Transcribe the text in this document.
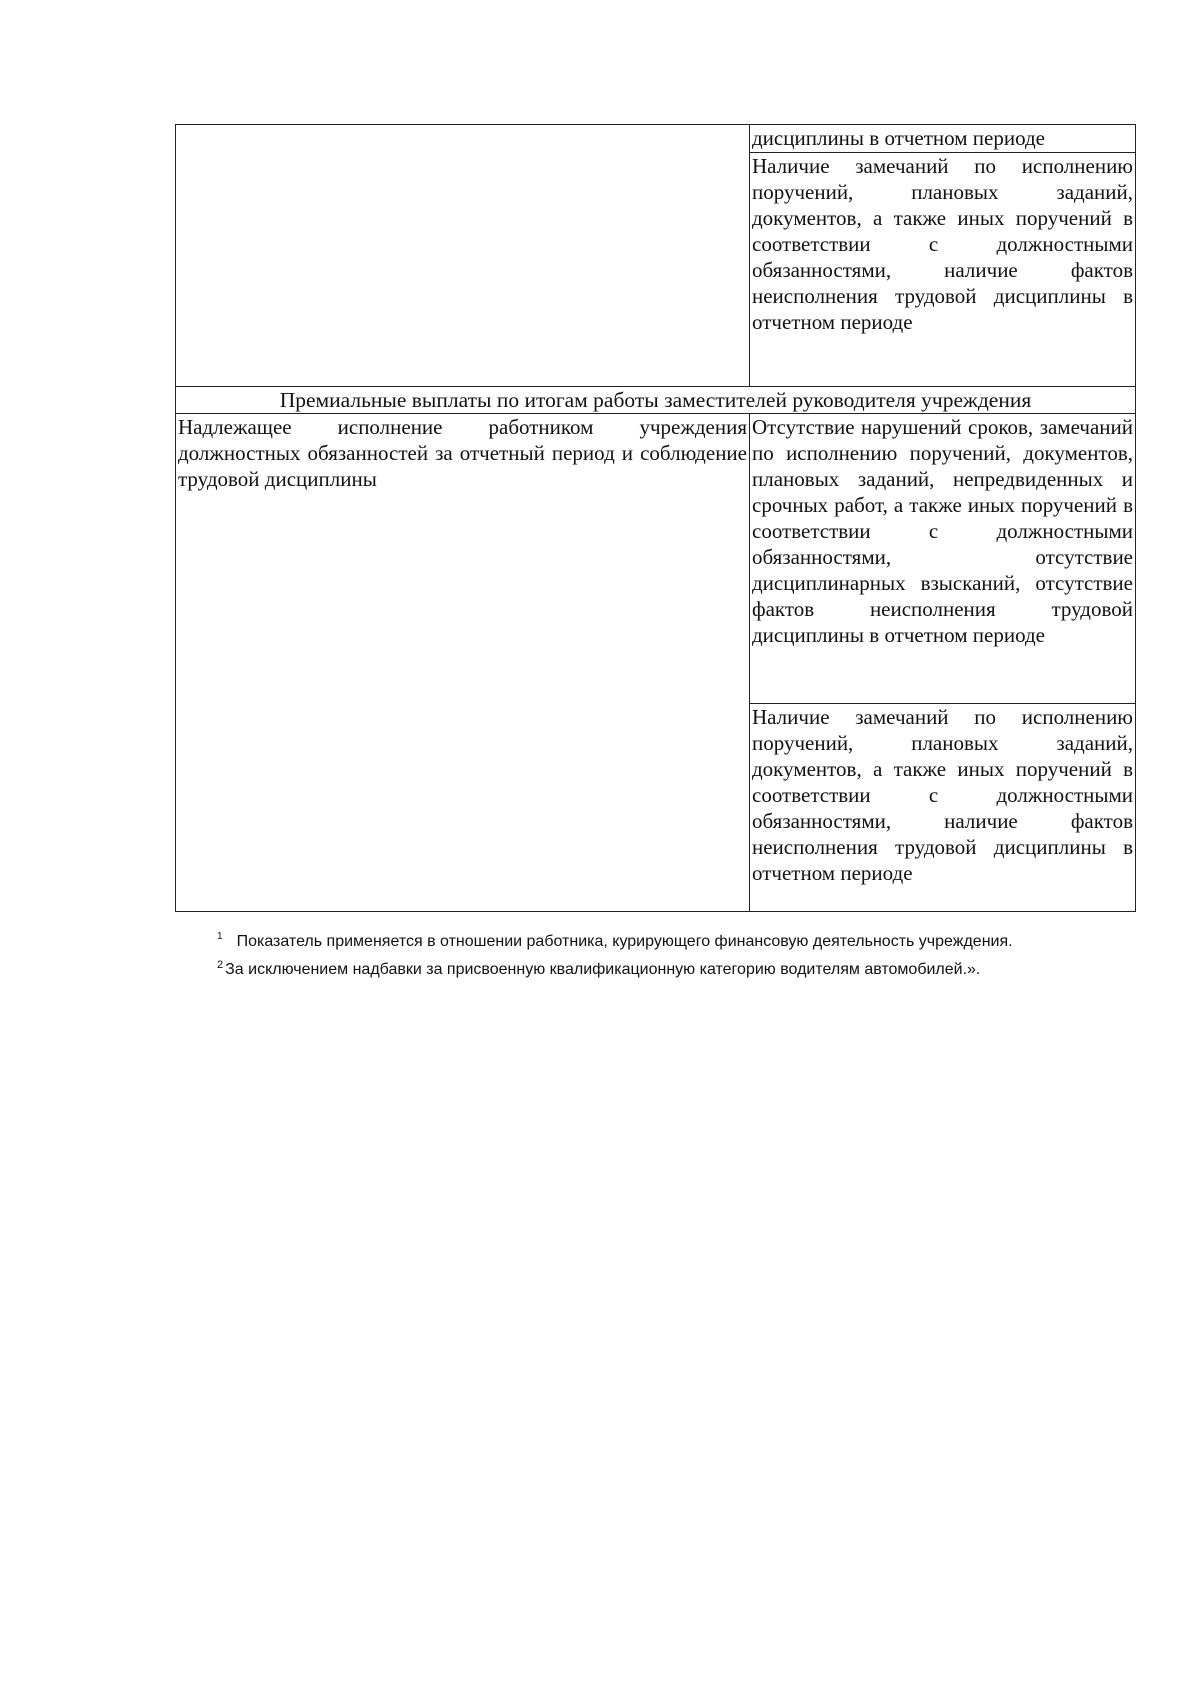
	дисциплины в отчетном периоде
	Наличие замечаний по исполнению поручений, плановых заданий, документов, а также иных поручений в соответствии с должностными обязанностями, наличие фактов неисполнения трудовой дисциплины в отчетном периоде
Премиальные выплаты по итогам работы заместителей руководителя учреждения	
Надлежащее исполнение работником учреждения должностных обязанностей за отчетный период и соблюдение трудовой дисциплины	Отсутствие нарушений сроков, замечаний по исполнению поручений, документов, плановых заданий, непредвиденных и срочных работ, а также иных поручений в соответствии с должностными обязанностями, отсутствие дисциплинарных взысканий, отсутствие фактов неисполнения трудовой дисциплины в отчетном периоде
	Наличие замечаний по исполнению поручений, плановых заданий, документов, а также иных поручений в соответствии с должностными обязанностями, наличие фактов неисполнения трудовой дисциплины в отчетном периоде
$^1$ Показатель применяется в отношении работника, курирующего финансовую деятельность учреждения.
$^2$ За исключением надбавки за присвоенную квалификационную категорию водителям автомобилей.».
